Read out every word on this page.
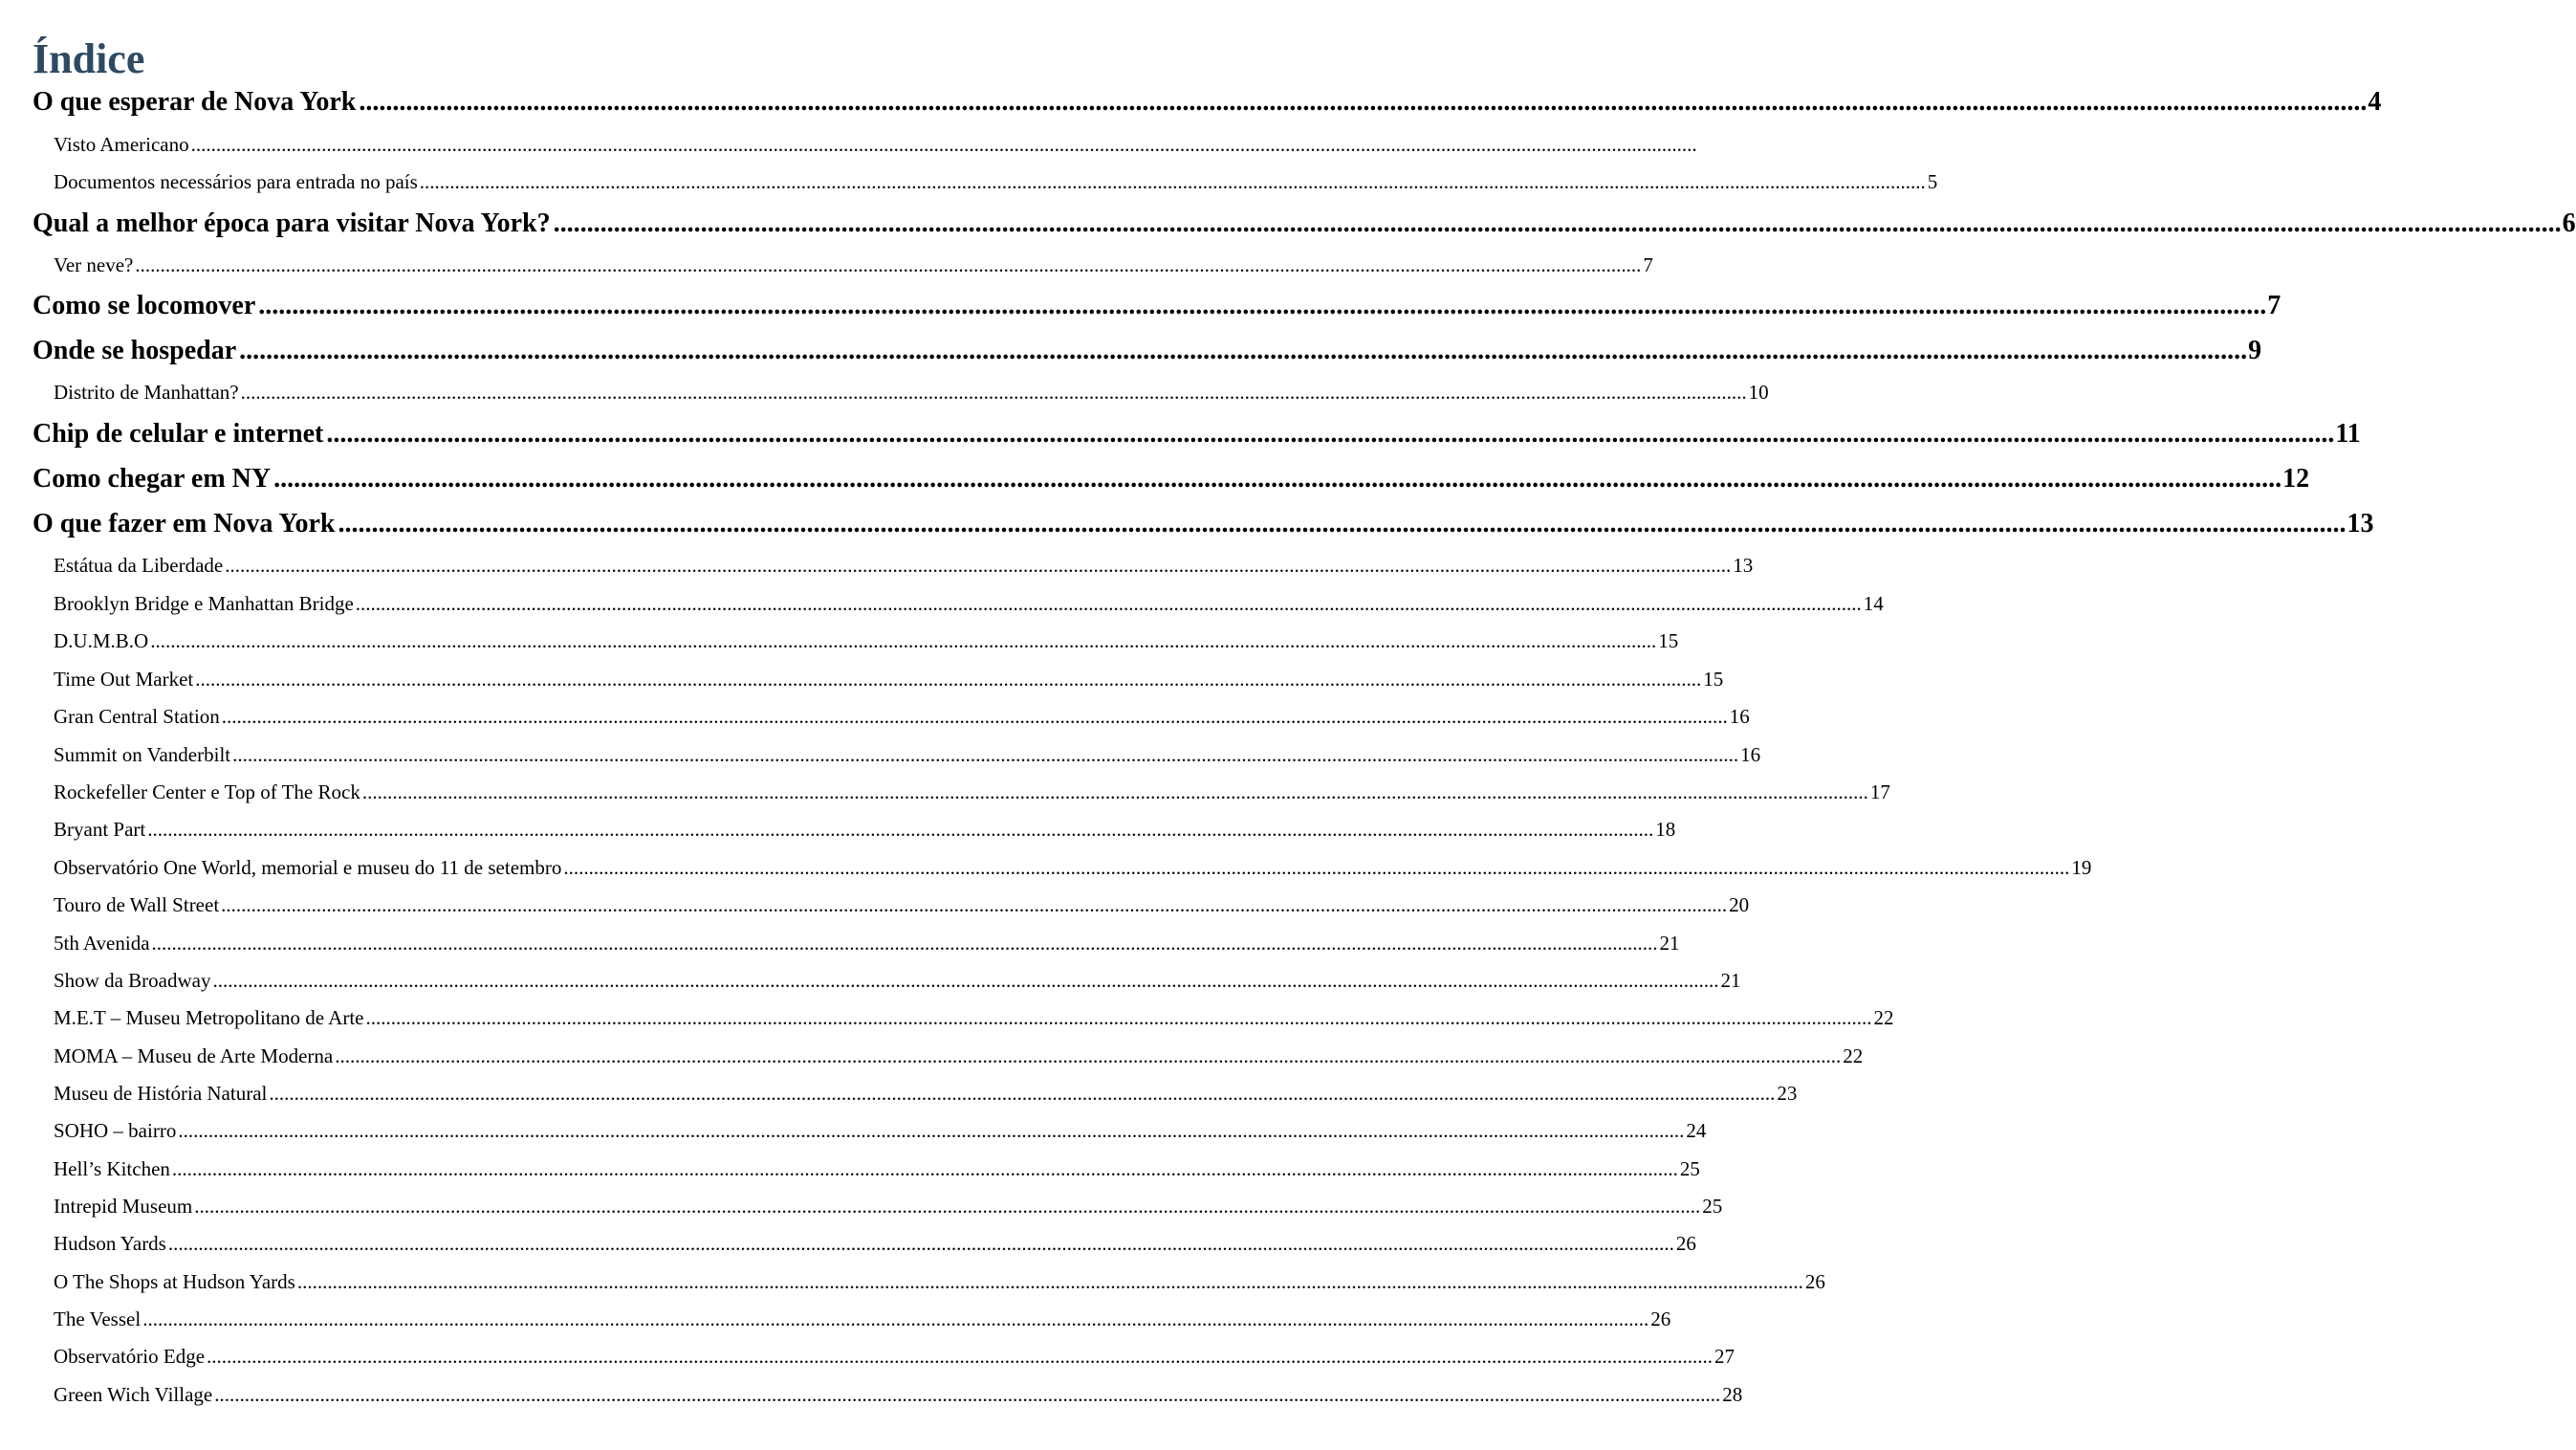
Índice
O que esperar de Nova York ............................................................................................................................................................................................................................................................................................................ 4
Visto Americano ............................................................................................................................................................................................................................................................................................................
Documentos necessários para entrada no país ............................................................................................................................................................................................................................................................................................................ 5
Qual a melhor época para visitar Nova York? ............................................................................................................................................................................................................................................................................................................ 6
Ver neve? ............................................................................................................................................................................................................................................................................................................ 7
Como se locomover ............................................................................................................................................................................................................................................................................................................ 7
Onde se hospedar ............................................................................................................................................................................................................................................................................................................ 9
Distrito de Manhattan? ............................................................................................................................................................................................................................................................................................................ 10
Chip de celular e internet ............................................................................................................................................................................................................................................................................................................ 11
Como chegar em NY ............................................................................................................................................................................................................................................................................................................ 12
O que fazer em Nova York ............................................................................................................................................................................................................................................................................................................ 13
Estátua da Liberdade ............................................................................................................................................................................................................................................................................................................ 13
Brooklyn Bridge e Manhattan Bridge ............................................................................................................................................................................................................................................................................................................ 14
D.U.M.B.O ............................................................................................................................................................................................................................................................................................................ 15
Time Out Market ............................................................................................................................................................................................................................................................................................................ 15
Gran Central Station ............................................................................................................................................................................................................................................................................................................ 16
Summit on Vanderbilt ............................................................................................................................................................................................................................................................................................................ 16
Rockefeller Center e Top of The Rock ............................................................................................................................................................................................................................................................................................................ 17
Bryant Part ............................................................................................................................................................................................................................................................................................................ 18
Observatório One World, memorial e museu do 11 de setembro ............................................................................................................................................................................................................................................................................................................ 19
Touro de Wall Street ............................................................................................................................................................................................................................................................................................................ 20
5th Avenida ............................................................................................................................................................................................................................................................................................................ 21
Show da Broadway ............................................................................................................................................................................................................................................................................................................ 21
M.E.T – Museu Metropolitano de Arte ............................................................................................................................................................................................................................................................................................................ 22
MOMA – Museu de Arte Moderna ............................................................................................................................................................................................................................................................................................................ 22
Museu de História Natural ............................................................................................................................................................................................................................................................................................................ 23
SOHO – bairro ............................................................................................................................................................................................................................................................................................................ 24
Hell’s Kitchen ............................................................................................................................................................................................................................................................................................................ 25
Intrepid Museum ............................................................................................................................................................................................................................................................................................................ 25
Hudson Yards ............................................................................................................................................................................................................................................................................................................ 26
O The Shops at Hudson Yards ............................................................................................................................................................................................................................................................................................................ 26
The Vessel ............................................................................................................................................................................................................................................................................................................ 26
Observatório Edge ............................................................................................................................................................................................................................................................................................................ 27
Green Wich Village ............................................................................................................................................................................................................................................................................................................ 28
